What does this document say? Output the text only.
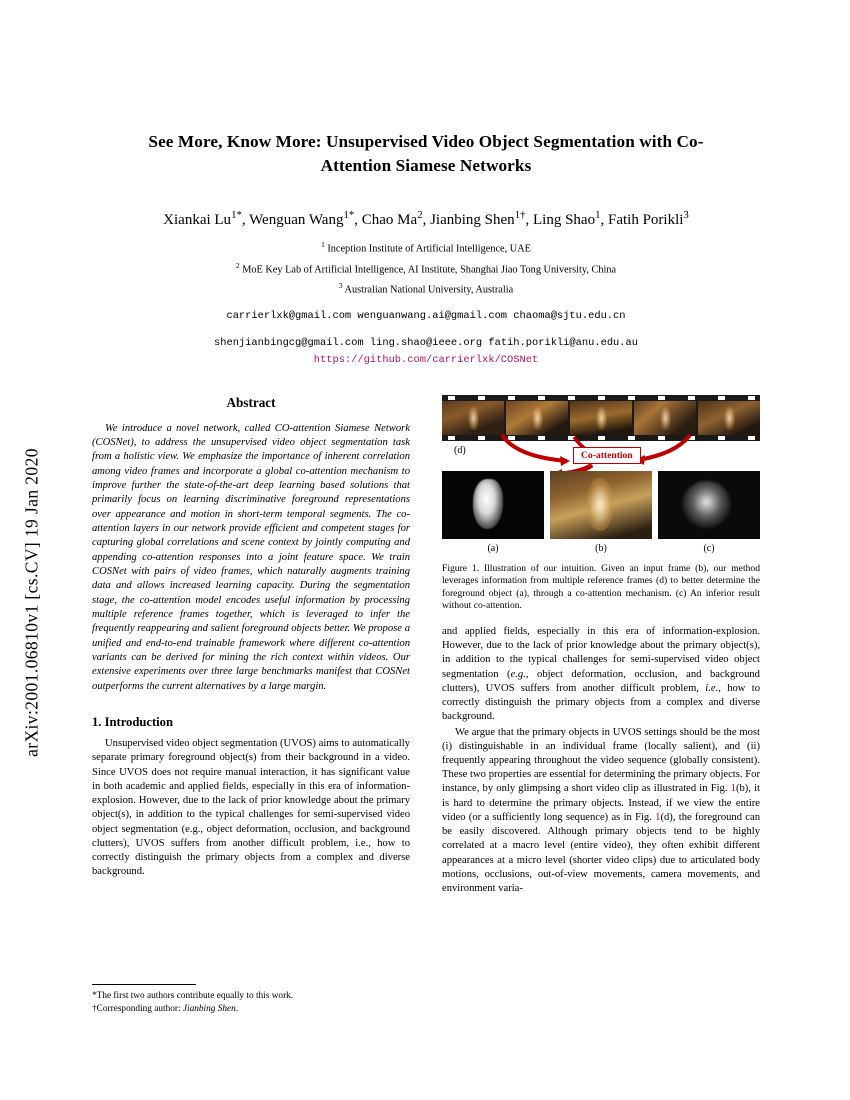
arXiv:2001.06810v1 [cs.CV] 19 Jan 2020
See More, Know More: Unsupervised Video Object Segmentation with Co-Attention Siamese Networks
Xiankai $Lu^{1*}$, Wenguan Wang$^{1*}$, Chao Ma$^2$, Jianbing Shen$^{1\dagger}$, Ling Shao$^1$, Fatih Porikli$^3$
$^1$ Inception Institute of Artificial Intelligence, UAE
$^2$ MoE Key Lab of Artificial Intelligence, AI Institute, Shanghai Jiao Tong University, China
$^3$ Australian National University, Australia
carrierlxk@gmail.com wenguanwang.ai@gmail.com chaoma@sjtu.edu.cn
shenjianbingcg@gmail.com ling.shao@ieee.org fatih.porikli@anu.edu.au
https://github.com/carrierlxk/COSNet
Abstract

We introduce a novel network, called CO-attention Siamese Network (COSNet), to address the unsupervised video object segmentation task from a holistic view. We emphasize the importance of inherent correlation among video frames and incorporate a global co-attention mechanism to improve further the state-of-the-art deep learning based solutions that primarily focus on learning discriminative foreground representations over appearance and motion in short-term temporal segments. The co-attention layers in our network provide efficient and competent stages for capturing global correlations and scene context by jointly computing and appending co-attention responses into a joint feature space. We train COSNet with pairs of video frames, which naturally augments training data and allows increased learning capacity. During the segmentation stage, the co-attention model encodes useful information by processing multiple reference frames together, which is leveraged to infer the frequently reappearing and salient foreground objects better. We propose a unified and end-to-end trainable framework where different co-attention variants can be derived for mining the rich context within videos. Our extensive experiments over three large benchmarks manifest that COSNet outperforms the current alternatives by a large margin.

1. Introduction

Unsupervised video object segmentation (UVOS) aims to automatically separate primary foreground object(s) from their background in a video. Since UVOS does not require manual interaction, it has significant value in both academic and applied fields, especially in this era of information-explosion. However, due to the lack of prior knowledge about the primary object(s), in addition to the typical challenges for semi-supervised video object segmentation (e.g., object deformation, occlusion, and background clutters), UVOS suffers from another difficult problem, i.e., how to correctly distinguish the primary objects from a complex and diverse background.

(d)	Co-attention
(a)	(b)	(c)
Figure 1. Illustration of our intuition. Given an input frame (b), our method leverages information from multiple reference frames (d) to better determine the foreground object (a), through a co-attention mechanism. (c) An inferior result without co-attention.

and applied fields, especially in this era of information-explosion. However, due to the lack of prior knowledge about the primary object(s), in addition to the typical challenges for semi-supervised video object segmentation (e.g., object deformation, occlusion, and background clutters), UVOS suffers from another difficult problem, i.e., how to correctly distinguish the primary objects from a complex and diverse background.

We argue that the primary objects in UVOS settings should be the most (i) distinguishable in an individual frame (locally salient), and (ii) frequently appearing throughout the video sequence (globally consistent). These two properties are essential for determining the primary objects. For instance, by only glimpsing a short video clip as illustrated in Fig. 1(b), it is hard to determine the primary objects. Instead, if we view the entire video (or a sufficiently long sequence) as in Fig. 1(d), the foreground can be easily discovered. Although primary objects tend to be highly correlated at a macro level (entire video), they often exhibit different appearances at a micro level (shorter video clips) due to articulated body motions, occlusions, out-of-view movements, camera movements, and environment varia-

*The first two authors contribute equally to this work.

†Corresponding author: Jianbing Shen.
